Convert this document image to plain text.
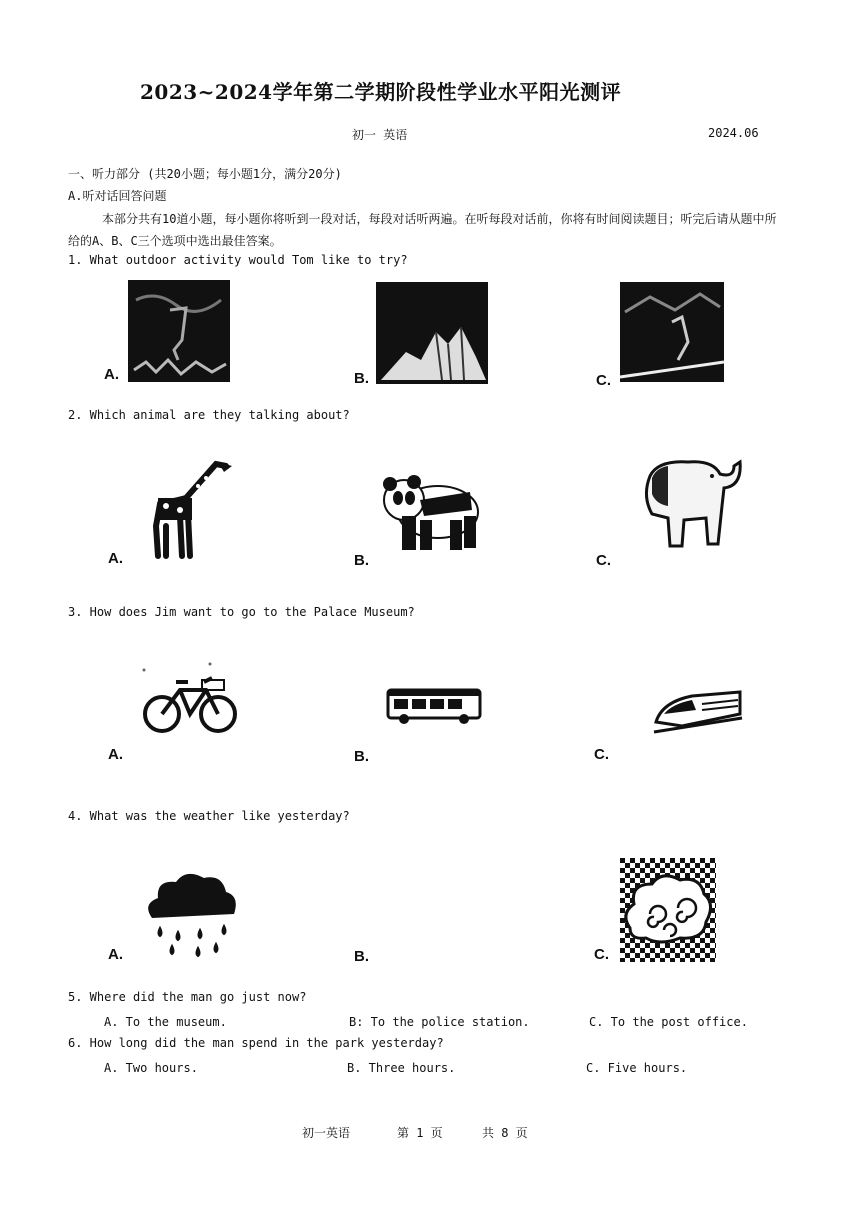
2023~2024学年第二学期阶段性学业水平阳光测评
初一 英语	2024.06
一、听力部分 (共20小题；每小题1分，满分20分)
A.听对话回答问题
本部分共有10道小题，每小题你将听到一段对话，每段对话听两遍。在听每段对话前，你将有时间阅读题目；听完后请从题中所给的A、B、C三个选项中选出最佳答案。
1. What outdoor activity would Tom like to try?
A.	B.	C.
2. Which animal are they talking about?
A.	B.	C.
3. How does Jim want to go to the Palace Museum?
A.	B.	C.
4. What was the weather like yesterday?
A.	B.	C.
5. Where did the man go just now?
A. To the museum.	B: To the police station.	C. To the post office.
6. How long did the man spend in the park yesterday?
A. Two hours.	B. Three hours.	C. Five hours.
初一英语	第 1 页	共 8 页
